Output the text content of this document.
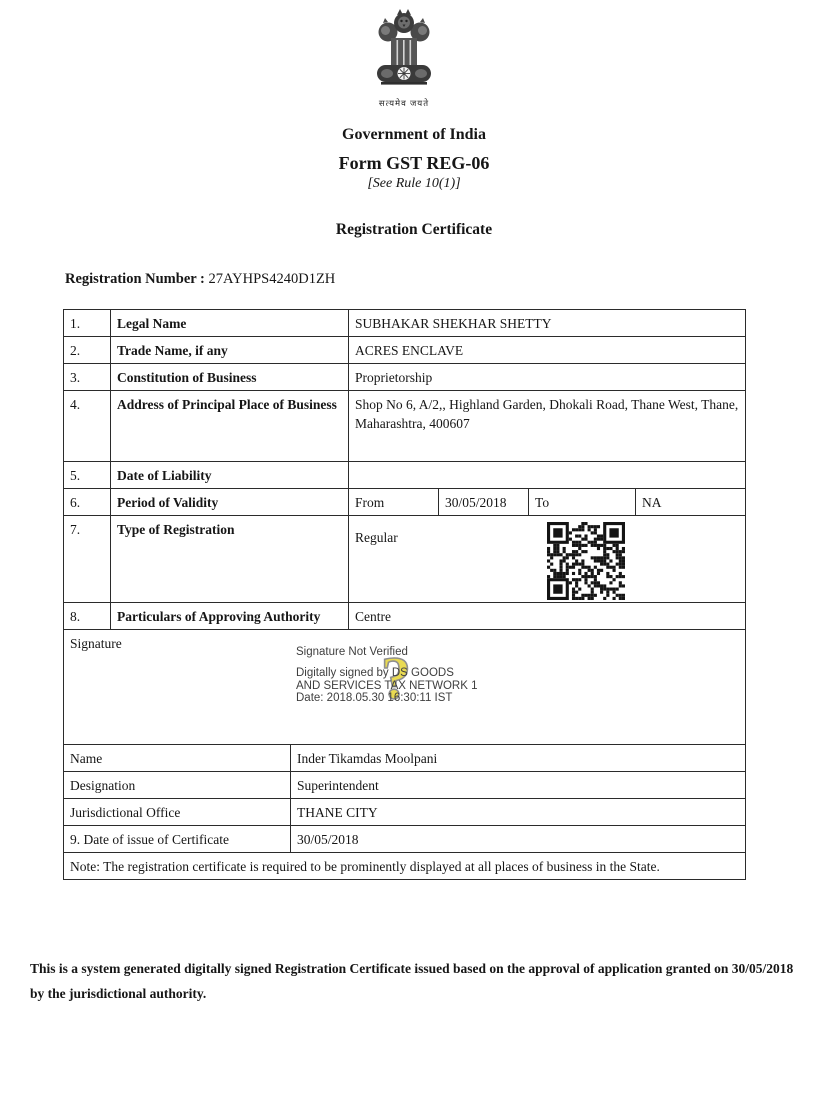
सत्यमेव जयते
Government of India
Form GST REG-06
[See Rule 10(1)]
Registration Certificate
Registration Number : 27AYHPS4240D1ZH
1.	Legal Name		SUBHAKAR SHEKHAR SHETTY			
2.	Trade Name, if any		ACRES ENCLAVE			
3.	Constitution of Business		Proprietorship			
4.	Address of Principal Place of Business		Shop No 6, A/2,, Highland Garden, Dhokali Road, Thane West, Thane, Maharashtra, 400607			
5.	Date of Liability					
6.	Period of Validity		From	30/05/2018	To	NA
7.	Type of Registration		Regular			

8.	Particulars of Approving Authority		Centre			
Signature
?
Signature Not Verified
Digitally signed by DS GOODS
AND SERVICES TAX NETWORK 1
Date: 2018.05.30 16:30:11 IST

Name		Inder Tikamdas Moolpani				
Designation		Superintendent				
Jurisdictional Office		THANE CITY				
9. Date of issue of Certificate		30/05/2018				
Note: The registration certificate is required to be prominently displayed at all places of business in the State.						
This is a system generated digitally signed Registration Certificate issued based on the approval of application granted on 30/05/2018 by the jurisdictional authority.
